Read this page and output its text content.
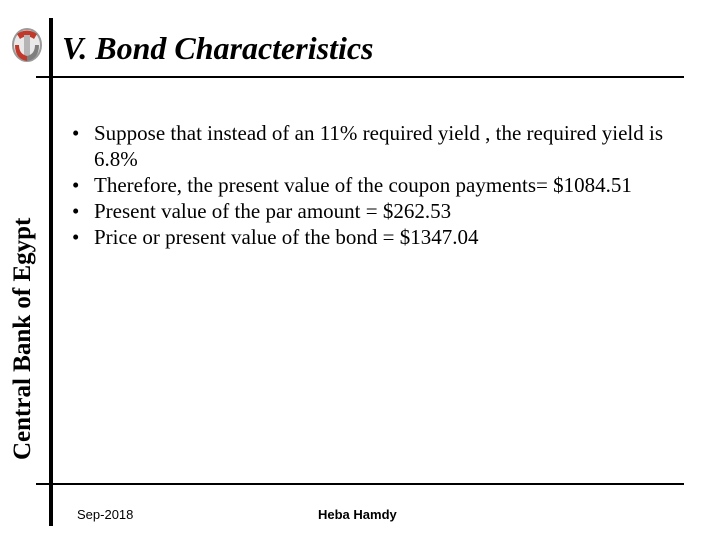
Central Bank of Egypt
V. Bond Characteristics
• Suppose that instead of an 11% required yield , the required yield is 6.8%
• Therefore, the present value of the coupon payments= $1084.51
• Present value of the par amount = $262.53
• Price or present value of the bond = $1347.04
Sep-2018	Heba Hamdy
